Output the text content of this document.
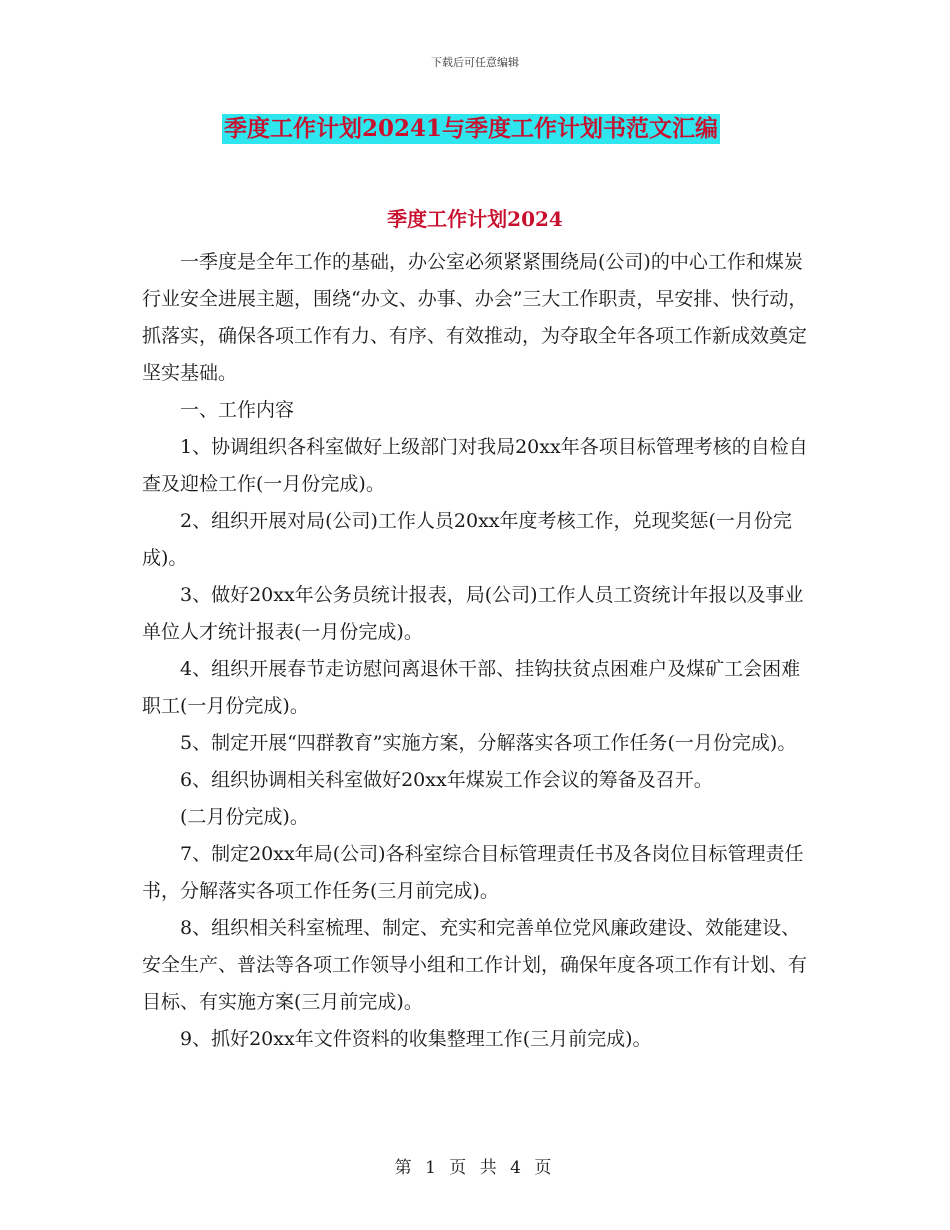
下载后可任意编辑
季度工作计划20241与季度工作计划书范文汇编
季度工作计划2024

一季度是全年工作的基础，办公室必须紧紧围绕局(公司)的中心工作和煤炭行业安全进展主题，围绕“办文、办事、办会”三大工作职责，早安排、快行动，抓落实，确保各项工作有力、有序、有效推动，为夺取全年各项工作新成效奠定坚实基础。

一、工作内容

1、协调组织各科室做好上级部门对我局20xx年各项目标管理考核的自检自查及迎检工作(一月份完成)。

2、组织开展对局(公司)工作人员20xx年度考核工作，兑现奖惩(一月份完成)。

3、做好20xx年公务员统计报表，局(公司)工作人员工资统计年报以及事业单位人才统计报表(一月份完成)。

4、组织开展春节走访慰问离退休干部、挂钩扶贫点困难户及煤矿工会困难职工(一月份完成)。

5、制定开展“四群教育”实施方案，分解落实各项工作任务(一月份完成)。

6、组织协调相关科室做好20xx年煤炭工作会议的筹备及召开。

(二月份完成)。

7、制定20xx年局(公司)各科室综合目标管理责任书及各岗位目标管理责任书，分解落实各项工作任务(三月前完成)。

8、组织相关科室梳理、制定、充实和完善单位党风廉政建设、效能建设、安全生产、普法等各项工作领导小组和工作计划，确保年度各项工作有计划、有目标、有实施方案(三月前完成)。

9、抓好20xx年文件资料的收集整理工作(三月前完成)。

第 1 页 共 4 页
